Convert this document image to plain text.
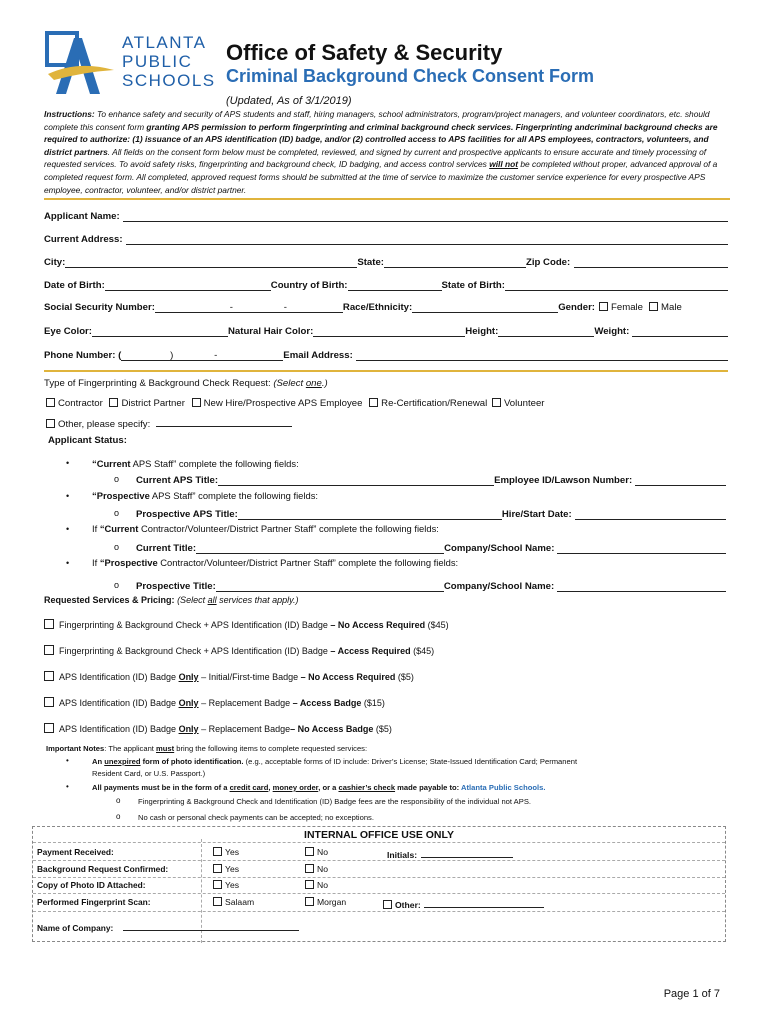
ATLANTA
PUBLIC
SCHOOLS
Office of Safety & Security
Criminal Background Check Consent Form
(Updated, As of 3/1/2019)
Instructions: To enhance safety and security of APS students and staff, hiring managers, school administrators, program/project managers, and volunteer coordinators, etc. should complete this consent form granting APS permission to perform fingerprinting and criminal background check services. Fingerprinting andcriminal background checks are required to authorize: (1) issuance of an APS identification (ID) badge, and/or (2) controlled access to APS facilities for all APS employees, contractors, volunteers, and district partners. All fields on the consent form below must be completed, reviewed, and signed by current and prospective applicants to ensure accurate and timely processing of requested services. To avoid safety risks, fingerprinting and background check, ID badging, and access control services will not be completed without proper, advanced approval of a completed request form. All completed, approved request forms should be submitted at the time of service to maximize the customer service experience for every prospective APS employee, contractor, volunteer, and/or district partner.
Applicant Name:
Current Address:
City:	State:	Zip Code:
Date of Birth:	Country of Birth:	State of Birth:
Social Security Number:	-	-	Race/Ethnicity:	Gender:	Female	Male
Eye Color:	Natural Hair Color:	Height:	Weight:
Phone Number: (	)	-	Email Address:
Type of Fingerprinting & Background Check Request: (Select one.)
Contractor District Partner New Hire/Prospective APS Employee Re-Certification/Renewal Volunteer
Other, please specify:
Applicant Status:
• “Current APS Staff” complete the following fields:
o Current APS Title:	Employee ID/Lawson Number:
• “Prospective APS Staff” complete the following fields:
o Prospective APS Title:	Hire/Start Date:
• If “Current Contractor/Volunteer/District Partner Staff” complete the following fields:
o Current Title:	Company/School Name:
• If “Prospective Contractor/Volunteer/District Partner Staff” complete the following fields:
o Prospective Title:	Company/School Name:
Requested Services & Pricing: (Select all services that apply.)
Fingerprinting & Background Check + APS Identification (ID) Badge – No Access Required ($45)
Fingerprinting & Background Check + APS Identification (ID) Badge – Access Required ($45)
APS Identification (ID) Badge Only – Initial/First-time Badge – No Access Required ($5)
APS Identification (ID) Badge Only – Replacement Badge – Access Badge ($15)
APS Identification (ID) Badge Only – Replacement Badge– No Access Badge ($5)
Important Notes: The applicant must bring the following items to complete requested services:
•	An unexpired form of photo identification. (e.g., acceptable forms of ID include: Driver’s License; State-Issued Identification Card; Permanent
Resident Card, or U.S. Passport.)
•	All payments must be in the form of a credit card, money order, or a cashier’s check made payable to: Atlanta Public Schools.
o Fingerprinting & Background Check and Identification (ID) Badge fees are the responsibility of the individual not APS.
o No cash or personal check payments can be accepted; no exceptions.
INTERNAL OFFICE USE ONLY
Payment Received:	Yes	No	Initials:
Background Request Confirmed:	Yes	No
Copy of Photo ID Attached:	Yes	No
Performed Fingerprint Scan:	Salaam	Morgan	Other:
Name of Company:
Page 1 of 7
